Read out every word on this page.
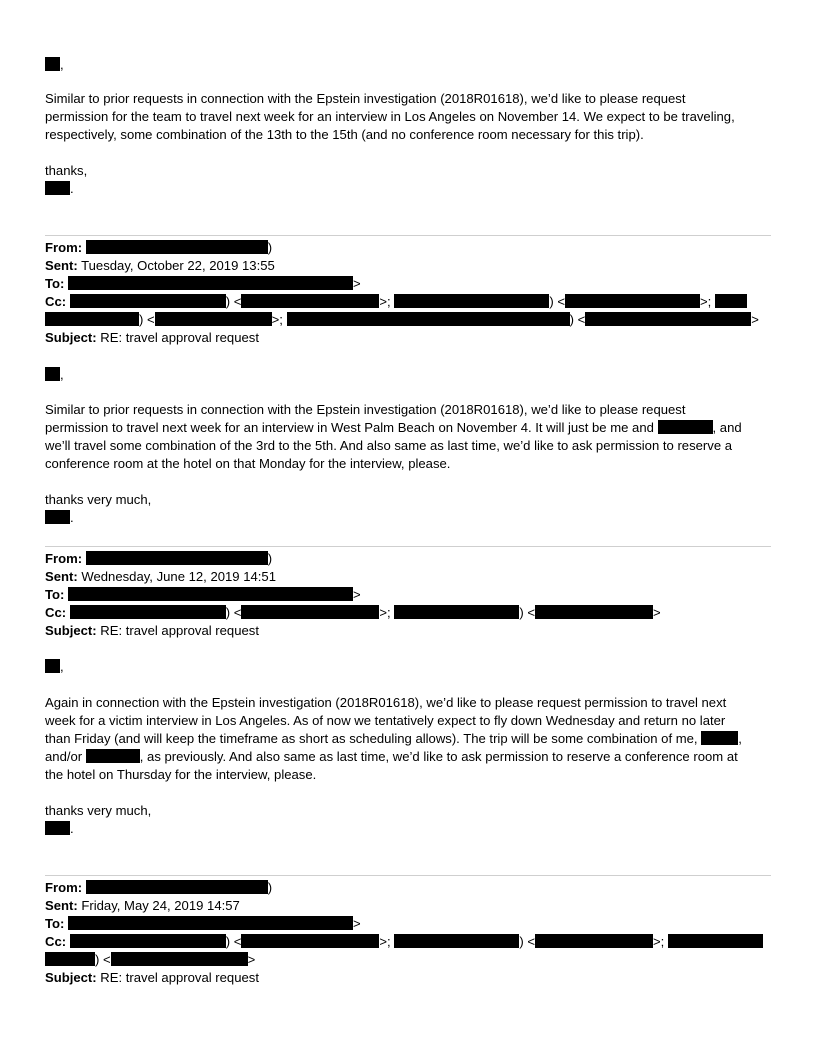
,
Similar to prior requests in connection with the Epstein investigation (2018R01618), we’d like to please request
permission for the team to travel next week for an interview in Los Angeles on November 14. We expect to be traveling,
respectively, some combination of the 13th to the 15th (and no conference room necessary for this trip).
thanks,
.
From:	)
Sent: Tuesday, October 22, 2019 13:55
To:	>
Cc:	) <	>;	) <	>;
) <	>;	) <	>
Subject: RE: travel approval request
,
Similar to prior requests in connection with the Epstein investigation (2018R01618), we’d like to please request
permission to travel next week for an interview in West Palm Beach on November 4. It will just be me and	, and
we’ll travel some combination of the 3rd to the 5th. And also same as last time, we’d like to ask permission to reserve a
conference room at the hotel on that Monday for the interview, please.
thanks very much,
.
From:	)
Sent: Wednesday, June 12, 2019 14:51
To:	>
Cc:	) <	>;	) <	>
Subject: RE: travel approval request
,
Again in connection with the Epstein investigation (2018R01618), we’d like to please request permission to travel next
week for a victim interview in Los Angeles. As of now we tentatively expect to fly down Wednesday and return no later
than Friday (and will keep the timeframe as short as scheduling allows). The trip will be some combination of me,	,
and/or	, as previously. And also same as last time, we’d like to ask permission to reserve a conference room at
the hotel on Thursday for the interview, please.
thanks very much,
.
From:	)
Sent: Friday, May 24, 2019 14:57
To:	>
Cc:	) <	>;	) <	>;
) <	>
Subject: RE: travel approval request
